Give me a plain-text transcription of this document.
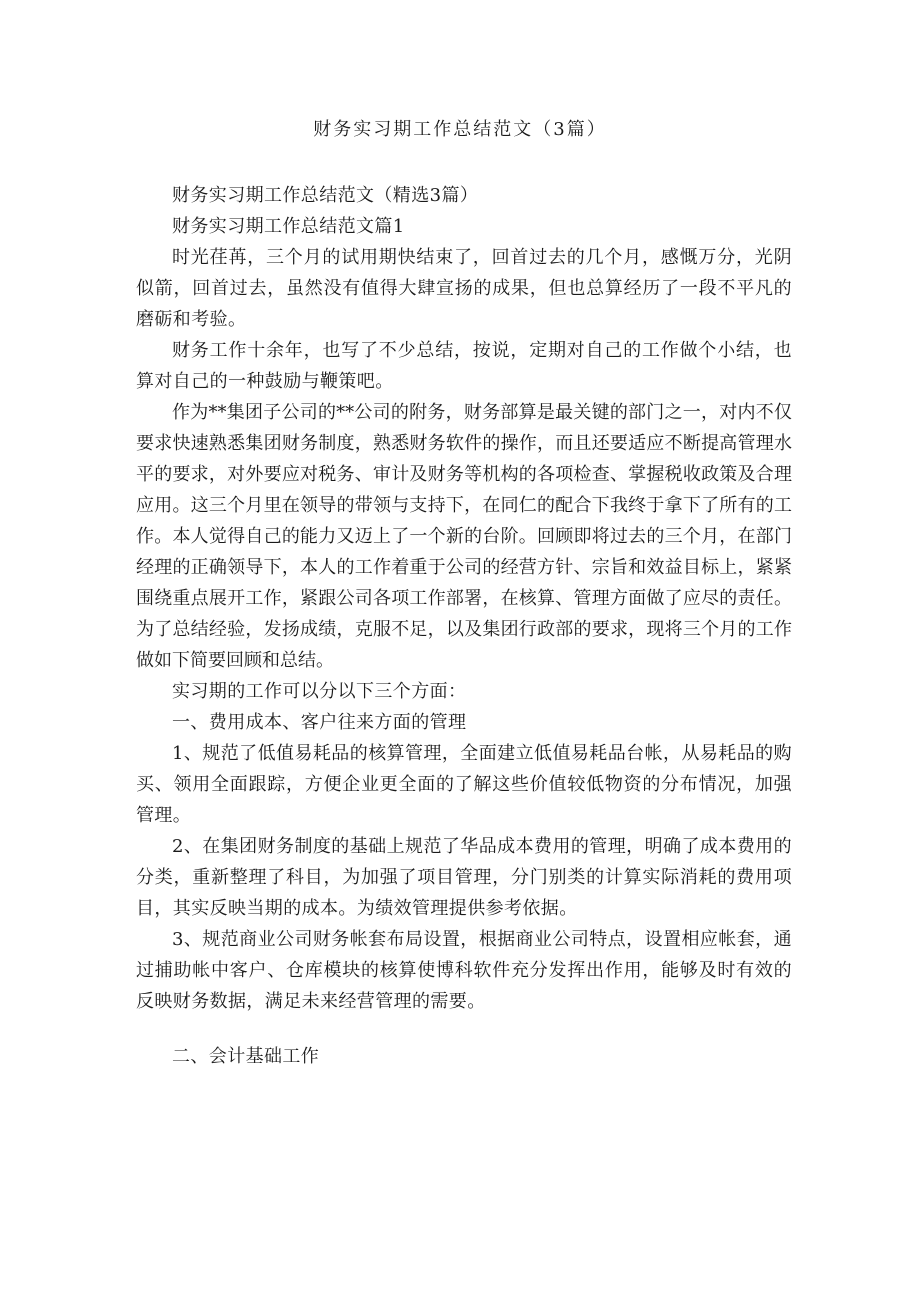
财务实习期工作总结范文（3篇）

财务实习期工作总结范文（精选3篇）

财务实习期工作总结范文篇1

时光荏苒，三个月的试用期快结束了，回首过去的几个月，感慨万分，光阴似箭，回首过去，虽然没有值得大肆宣扬的成果，但也总算经历了一段不平凡的磨砺和考验。

财务工作十余年，也写了不少总结，按说，定期对自己的工作做个小结，也算对自己的一种鼓励与鞭策吧。

作为**集团子公司的**公司的附务，财务部算是最关键的部门之一，对内不仅要求快速熟悉集团财务制度，熟悉财务软件的操作，而且还要适应不断提高管理水平的要求，对外要应对税务、审计及财务等机构的各项检查、掌握税收政策及合理应用。这三个月里在领导的带领与支持下，在同仁的配合下我终于拿下了所有的工作。本人觉得自己的能力又迈上了一个新的台阶。回顾即将过去的三个月，在部门经理的正确领导下，本人的工作着重于公司的经营方针、宗旨和效益目标上，紧紧围绕重点展开工作，紧跟公司各项工作部署，在核算、管理方面做了应尽的责任。为了总结经验，发扬成绩，克服不足，以及集团行政部的要求，现将三个月的工作做如下简要回顾和总结。

实习期的工作可以分以下三个方面：

一、费用成本、客户往来方面的管理

1、规范了低值易耗品的核算管理，全面建立低值易耗品台帐，从易耗品的购买、领用全面跟踪，方便企业更全面的了解这些价值较低物资的分布情况，加强管理。

2、在集团财务制度的基础上规范了华品成本费用的管理，明确了成本费用的分类，重新整理了科目，为加强了项目管理，分门别类的计算实际消耗的费用项目，其实反映当期的成本。为绩效管理提供参考依据。

3、规范商业公司财务帐套布局设置，根据商业公司特点，设置相应帐套，通过捕助帐中客户、仓库模块的核算使博科软件充分发挥出作用，能够及时有效的反映财务数据，满足未来经营管理的需要。

二、会计基础工作
